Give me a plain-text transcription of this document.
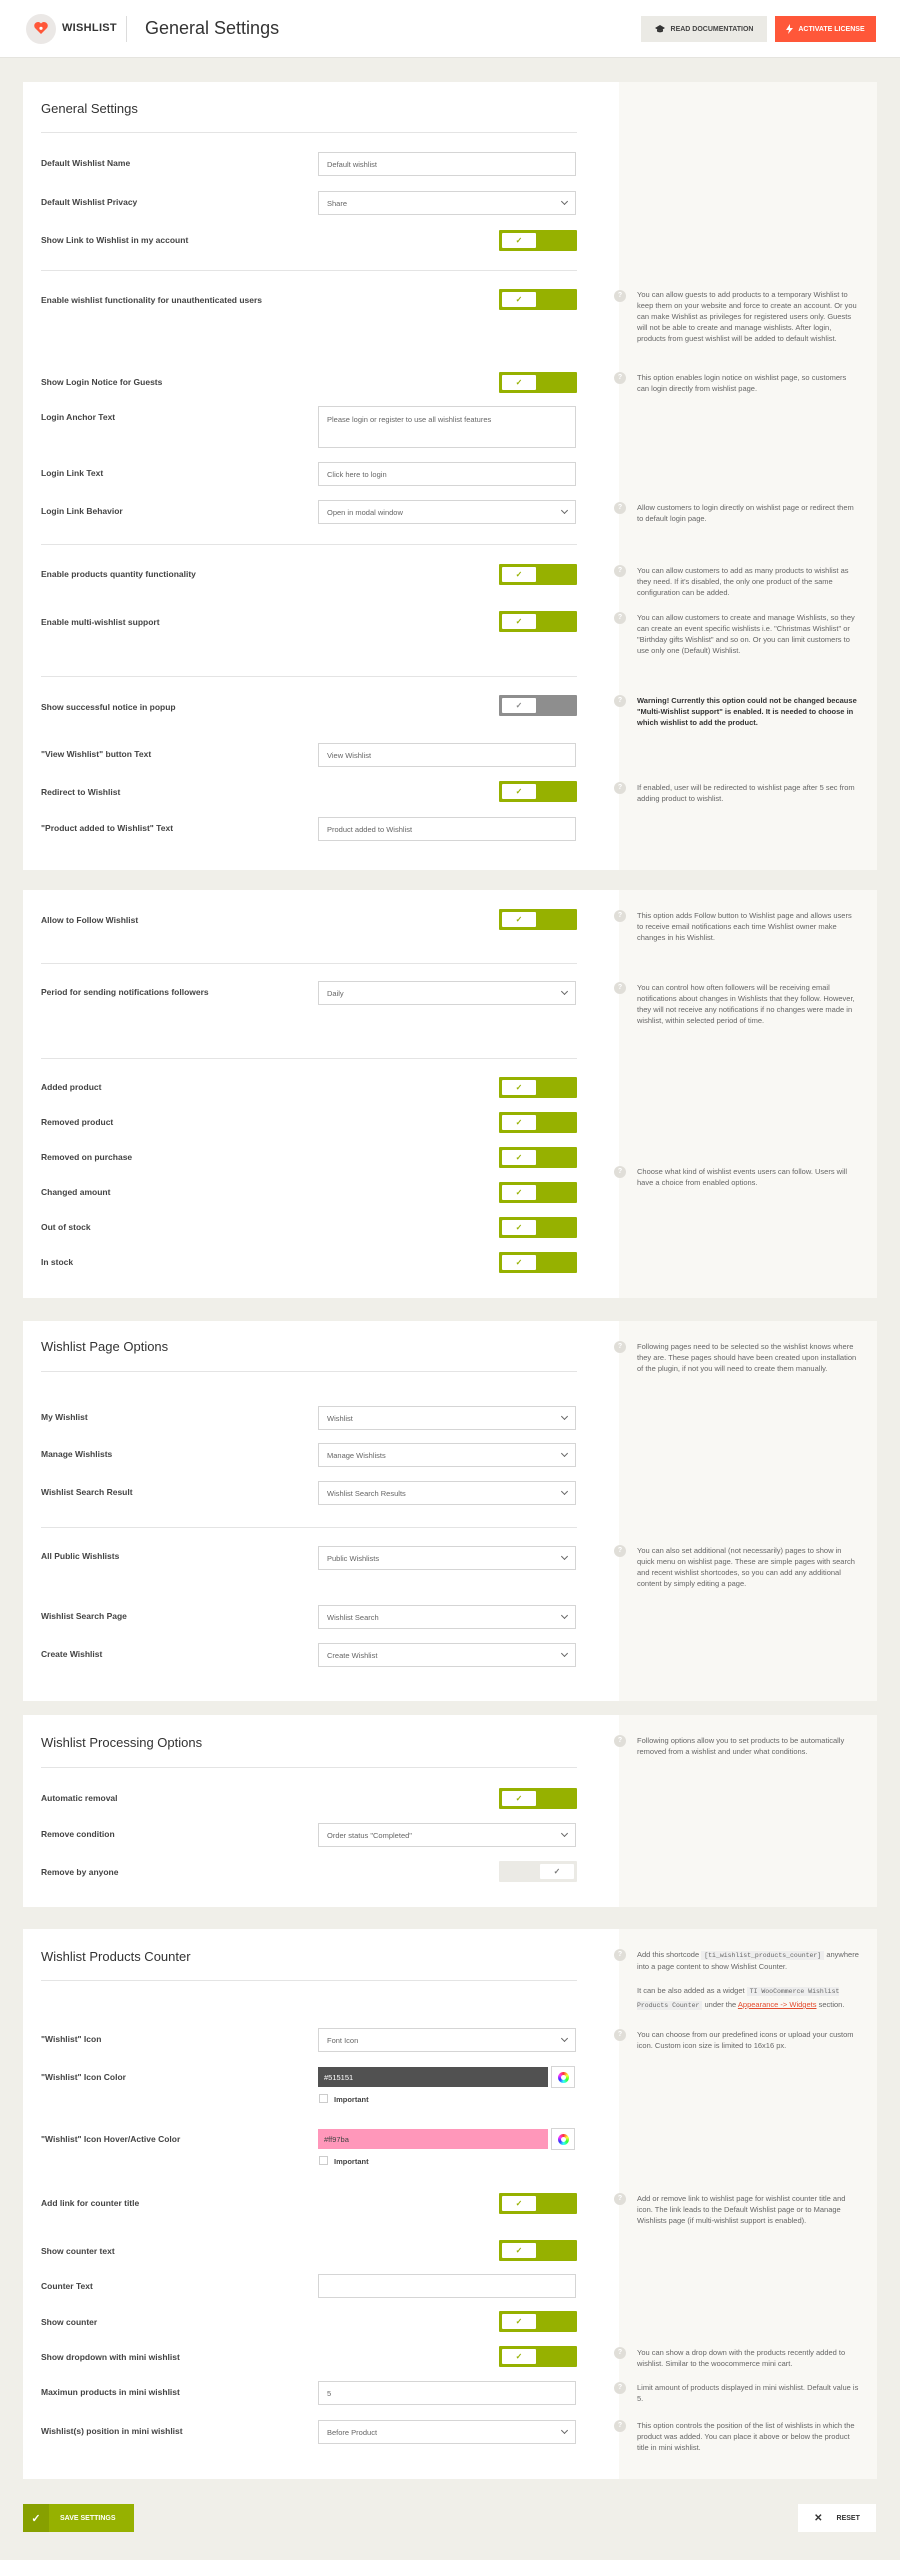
WISHLIST General Settings	READ DOCUMENTATION	ACTIVATE LICENSE
General Settings
Default Wishlist Name	Default wishlist
Default Wishlist Privacy	Share
Show Link to Wishlist in my account	✓
Enable wishlist functionality for unauthenticated users	✓	?	You can allow guests to add products to a temporary Wishlist to keep them on your website and force to create an account. Or you can make Wishlist as privileges for registered users only. Guests will not be able to create and manage wishlists. After login, products from guest wishlist will be added to default wishlist.
Show Login Notice for Guests	✓
?	This option enables login notice on wishlist page, so customers can login directly from wishlist page.
Login Anchor Text	Please login or register to use all wishlist features
Login Link Text	Click here to login
Login Link Behavior	Open in modal window	?	Allow customers to login directly on wishlist page or redirect them to default login page.
Enable products quantity functionality	✓	?	You can allow customers to add as many products to wishlist as they need. If it's disabled, the only one product of the same configuration can be added.
Enable multi-wishlist support	✓	?	You can allow customers to create and manage Wishlists, so they can create an event specific wishlists i.e. "Christmas Wishlist" or "Birthday gifts Wishlist" and so on. Or you can limit customers to use only one (Default) Wishlist.
Show successful notice in popup	✓
?	Warning! Currently this option could not be changed because "Multi-Wishlist support" is enabled. It is needed to choose in which wishlist to add the product.
"View Wishlist" button Text	View Wishlist
Redirect to Wishlist	✓	?	If enabled, user will be redirected to wishlist page after 5 sec from adding product to wishlist.
"Product added to Wishlist" Text	Product added to Wishlist
Allow to Follow Wishlist	✓	?	This option adds Follow button to Wishlist page and allows users to receive email notifications each time Wishlist owner make changes in his Wishlist.
Period for sending notifications followers	Daily
?	You can control how often followers will be receiving email notifications about changes in Wishlists that they follow. However, they will not receive any notifications if no changes were made in wishlist, within selected period of time.
Added product	✓
Removed product	✓
Removed on purchase	✓
Changed amount	✓
?	Choose what kind of wishlist events users can follow. Users will have a choice from enabled options.
Out of stock	✓
In stock	✓
Wishlist Page Options	?	Following pages need to be selected so the wishlist knows where they are. These pages should have been created upon installation of the plugin, if not you will need to create them manually.
My Wishlist	Wishlist
Manage Wishlists	Manage Wishlists
Wishlist Search Result	Wishlist Search Results
All Public Wishlists	Public Wishlists
?	You can also set additional (not necessarily) pages to show in quick menu on wishlist page. These are simple pages with search and recent wishlist shortcodes, so you can add any additional content by simply editing a page.
Wishlist Search Page	Wishlist Search
Create Wishlist	Create Wishlist
Wishlist Processing Options	?	Following options allow you to set products to be automatically removed from a wishlist and under what conditions.
Automatic removal	✓
Remove condition	Order status "Completed"
Remove by anyone	✓
Wishlist Products Counter	?	Add this shortcode [ti_wishlist_products_counter] anywhere into a page content to show Wishlist Counter.
It can be also added as a widget TI WooCommerce Wishlist Products Counter under the Appearance -> Widgets section.
"Wishlist" Icon	Font Icon
?	You can choose from our predefined icons or upload your custom icon. Custom icon size is limited to 16x16 px.
"Wishlist" Icon Color	#515151
Important
"Wishlist" Icon Hover/Active Color	#ff97ba
Important
Add link for counter title	✓
?	Add or remove link to wishlist page for wishlist counter title and icon. The link leads to the Default Wishlist page or to Manage Wishlists page (if multi-wishlist support is enabled).
Show counter text	✓
Counter Text
Show counter	✓
Show dropdown with mini wishlist	✓	?	You can show a drop down with the products recently added to wishlist. Similar to the woocommerce mini cart.
Maximun products in mini wishlist	5
?	Limit amount of products displayed in mini wishlist. Default value is 5.
Wishlist(s) position in mini wishlist	Before Product
?	This option controls the position of the list of wishlists in which the product was added. You can place it above or below the product title in mini wishlist.
✓	SAVE SETTINGS	✕ RESET
